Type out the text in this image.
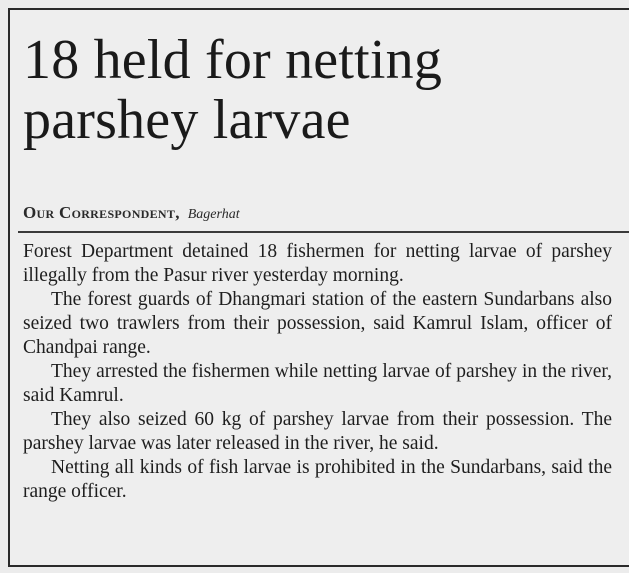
18 held for netting
parshey larvae
Our Correspondent, Bagerhat

Forest Department detained 18 fishermen for netting larvae of parshey illegally from the Pasur river yesterday morning.

The forest guards of Dhangmari station of the eastern Sundarbans also seized two trawlers from their possession, said Kamrul Islam, officer of Chandpai range.

They arrested the fishermen while netting larvae of parshey in the river, said Kamrul.

They also seized 60 kg of parshey larvae from their possession. The parshey larvae was later released in the river, he said.

Netting all kinds of fish larvae is prohibited in the Sundarbans, said the range officer.
